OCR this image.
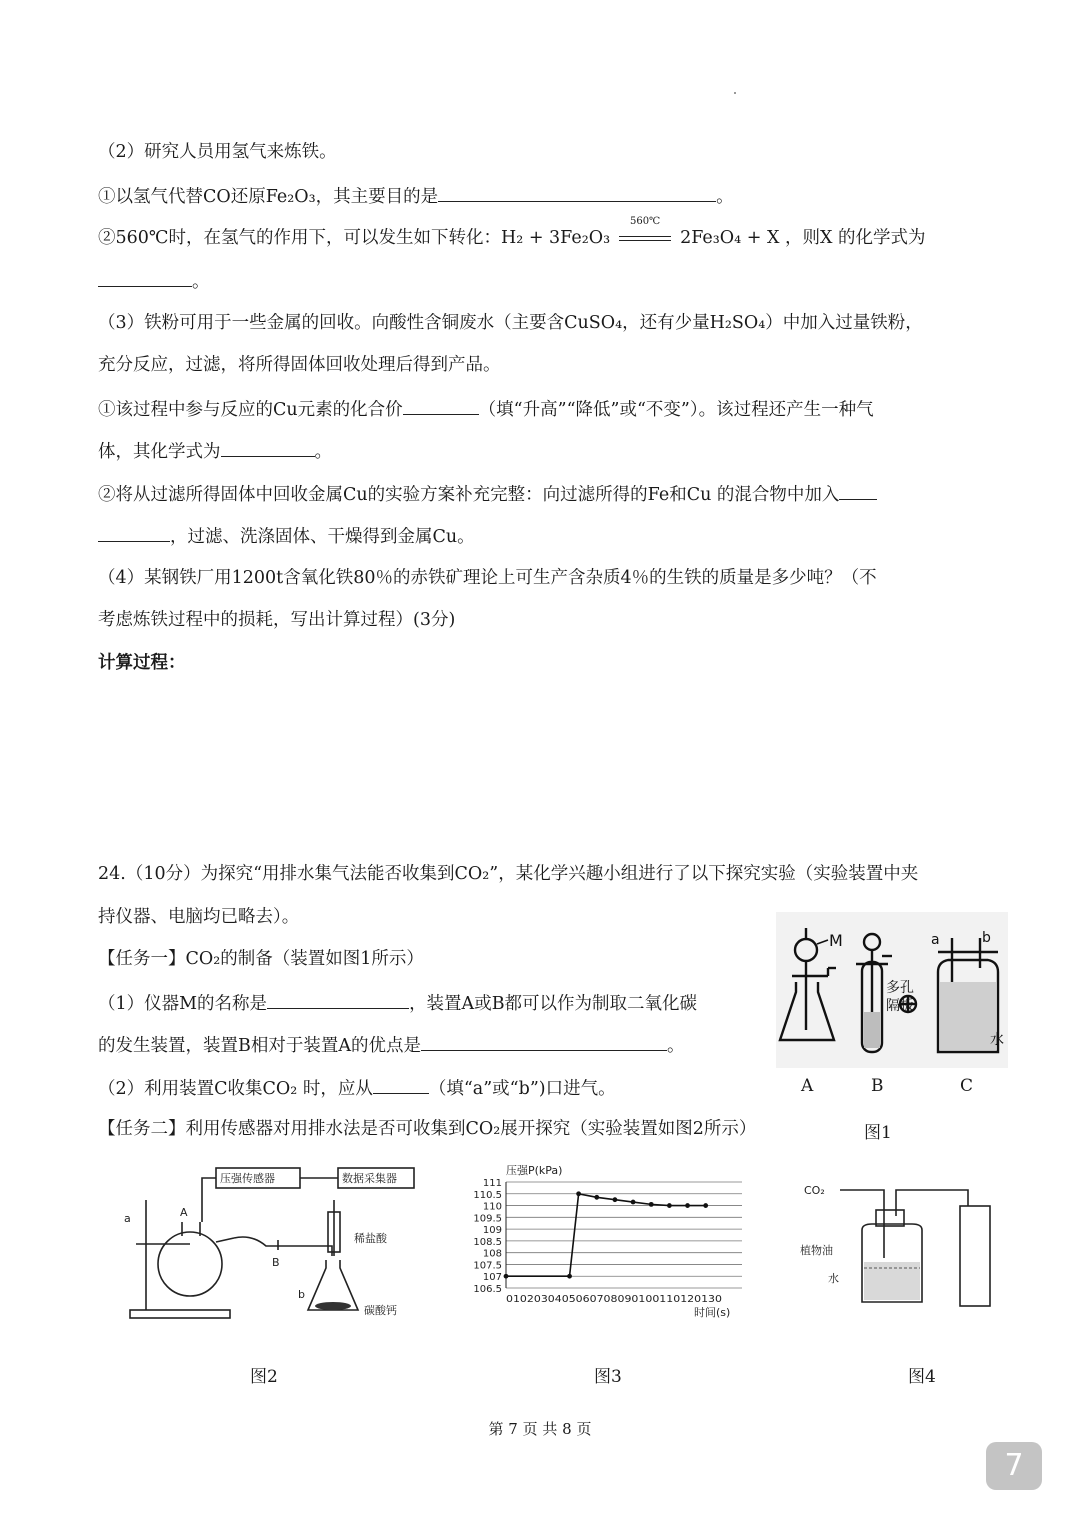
（2）研究人员用氢气来炼铁。
①以氢气代替CO还原Fe₂O₃，其主要目的是	。
②560℃时，在氢气的作用下，可以发生如下转化：H₂ + 3Fe₂O₃
560℃
2Fe₃O₄ + X ，则X 的化学式为
。
（3）铁粉可用于一些金属的回收。向酸性含铜废水（主要含CuSO₄，还有少量H₂SO₄）中加入过量铁粉，
充分反应，过滤，将所得固体回收处理后得到产品。
①该过程中参与反应的Cu元素的化合价	（填“升高”“降低”或“不变”）。该过程还产生一种气
体，其化学式为	。
②将从过滤所得固体中回收金属Cu的实验方案补充完整：向过滤所得的Fe和Cu 的混合物中加入
，过滤、洗涤固体、干燥得到金属Cu。
（4）某钢铁厂用1200t含氧化铁80％的赤铁矿理论上可生产含杂质4％的生铁的质量是多少吨？（不
考虑炼铁过程中的损耗，写出计算过程）(3分)
计算过程：
24.（10分）为探究“用排水集气法能否收集到CO₂”，某化学兴趣小组进行了以下探究实验（实验装置中夹
持仪器、电脑均已略去）。
【任务一】CO₂的制备（装置如图1所示）
（1）仪器M的名称是	，装置A或B都可以作为制取二氧化碳
的发生装置，装置B相对于装置A的优点是	。
（2）利用装置C收集CO₂ 时，应从	（填“a”或“b”)口进气。
【任务二】利用传感器对用排水法是否可收集到CO₂展开探究（实验装置如图2所示）
M
多孔
隔板
a	b
水
A	B	C
图1
压强传感器	数据采集器
稀盐酸
碳酸钙
a	A
B
b
图2
压强P(kPa)
时间(s)
111
110.5
110
109.5
109
108.5
108
107.5
107
106.5
0102030405060708090100110120130
图3
CO₂
植物油
水
图4
第 7 页 共 8 页
7
